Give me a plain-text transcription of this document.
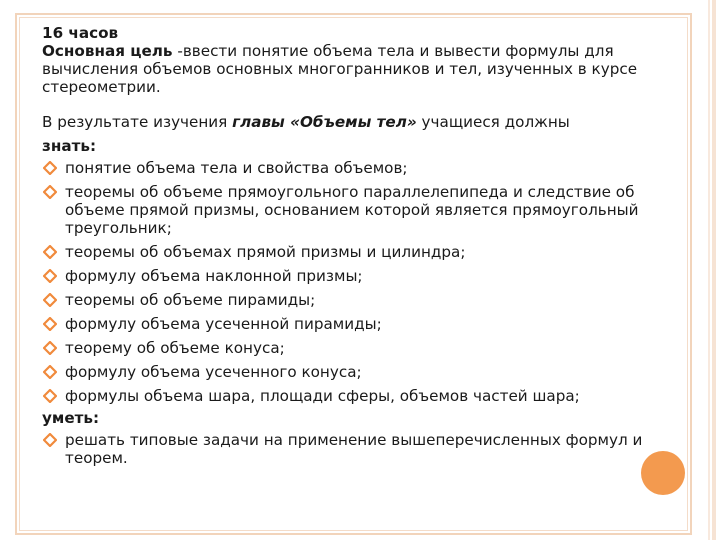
16 часов

Основная цель -ввести понятие объема тела и вывести формулы для вычисления объемов основных многогранников и тел, изученных в курсе стереометрии.

В результате изучения главы «Объемы тел» учащиеся должны

знать:

понятие объема тела и свойства объемов;
теоремы об объеме прямоугольного параллелепипеда и следствие об объеме прямой призмы, основанием которой является прямоугольный треугольник;
теоремы об объемах прямой призмы и цилиндра;
формулу объема наклонной призмы;
теоремы об объеме пирамиды;
формулу объема усеченной пирамиды;
теорему об объеме конуса;
формулу объема усеченного конуса;
формулы объема шара, площади сферы, объемов частей шара;

уметь:

решать типовые задачи на применение вышеперечисленных формул и теорем.
